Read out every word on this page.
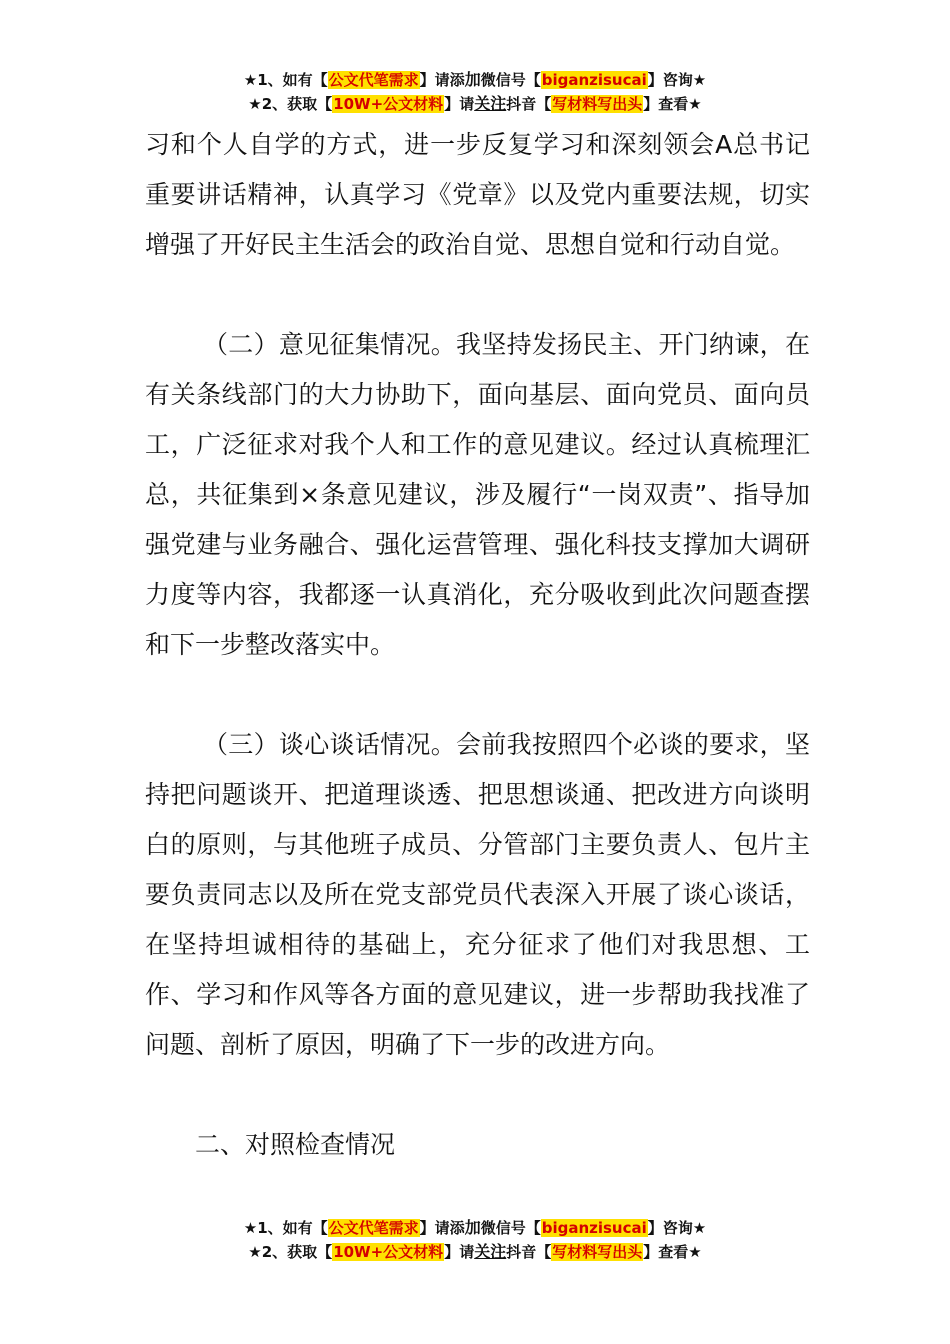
★1、如有【公文代笔需求】请添加微信号【biganzisucai】咨询★
★2、获取【10W+公文材料】请关注抖音【写材料写出头】查看★

习和个人自学的方式，进一步反复学习和深刻领会A总书记重要讲话精神，认真学习《党章》以及党内重要法规，切实增强了开好民主生活会的政治自觉、思想自觉和行动自觉。

（二）意见征集情况。我坚持发扬民主、开门纳谏，在有关条线部门的大力协助下，面向基层、面向党员、面向员工，广泛征求对我个人和工作的意见建议。经过认真梳理汇总，共征集到×条意见建议，涉及履行“一岗双责”、指导加强党建与业务融合、强化运营管理、强化科技支撑加大调研力度等内容，我都逐一认真消化，充分吸收到此次问题查摆和下一步整改落实中。

（三）谈心谈话情况。会前我按照四个必谈的要求，坚持把问题谈开、把道理谈透、把思想谈通、把改进方向谈明白的原则，与其他班子成员、分管部门主要负责人、包片主要负责同志以及所在党支部党员代表深入开展了谈心谈话，在坚持坦诚相待的基础上，充分征求了他们对我思想、工作、学习和作风等各方面的意见建议，进一步帮助我找准了问题、剖析了原因，明确了下一步的改进方向。

二、对照检查情况

★1、如有【公文代笔需求】请添加微信号【biganzisucai】咨询★
★2、获取【10W+公文材料】请关注抖音【写材料写出头】查看★
